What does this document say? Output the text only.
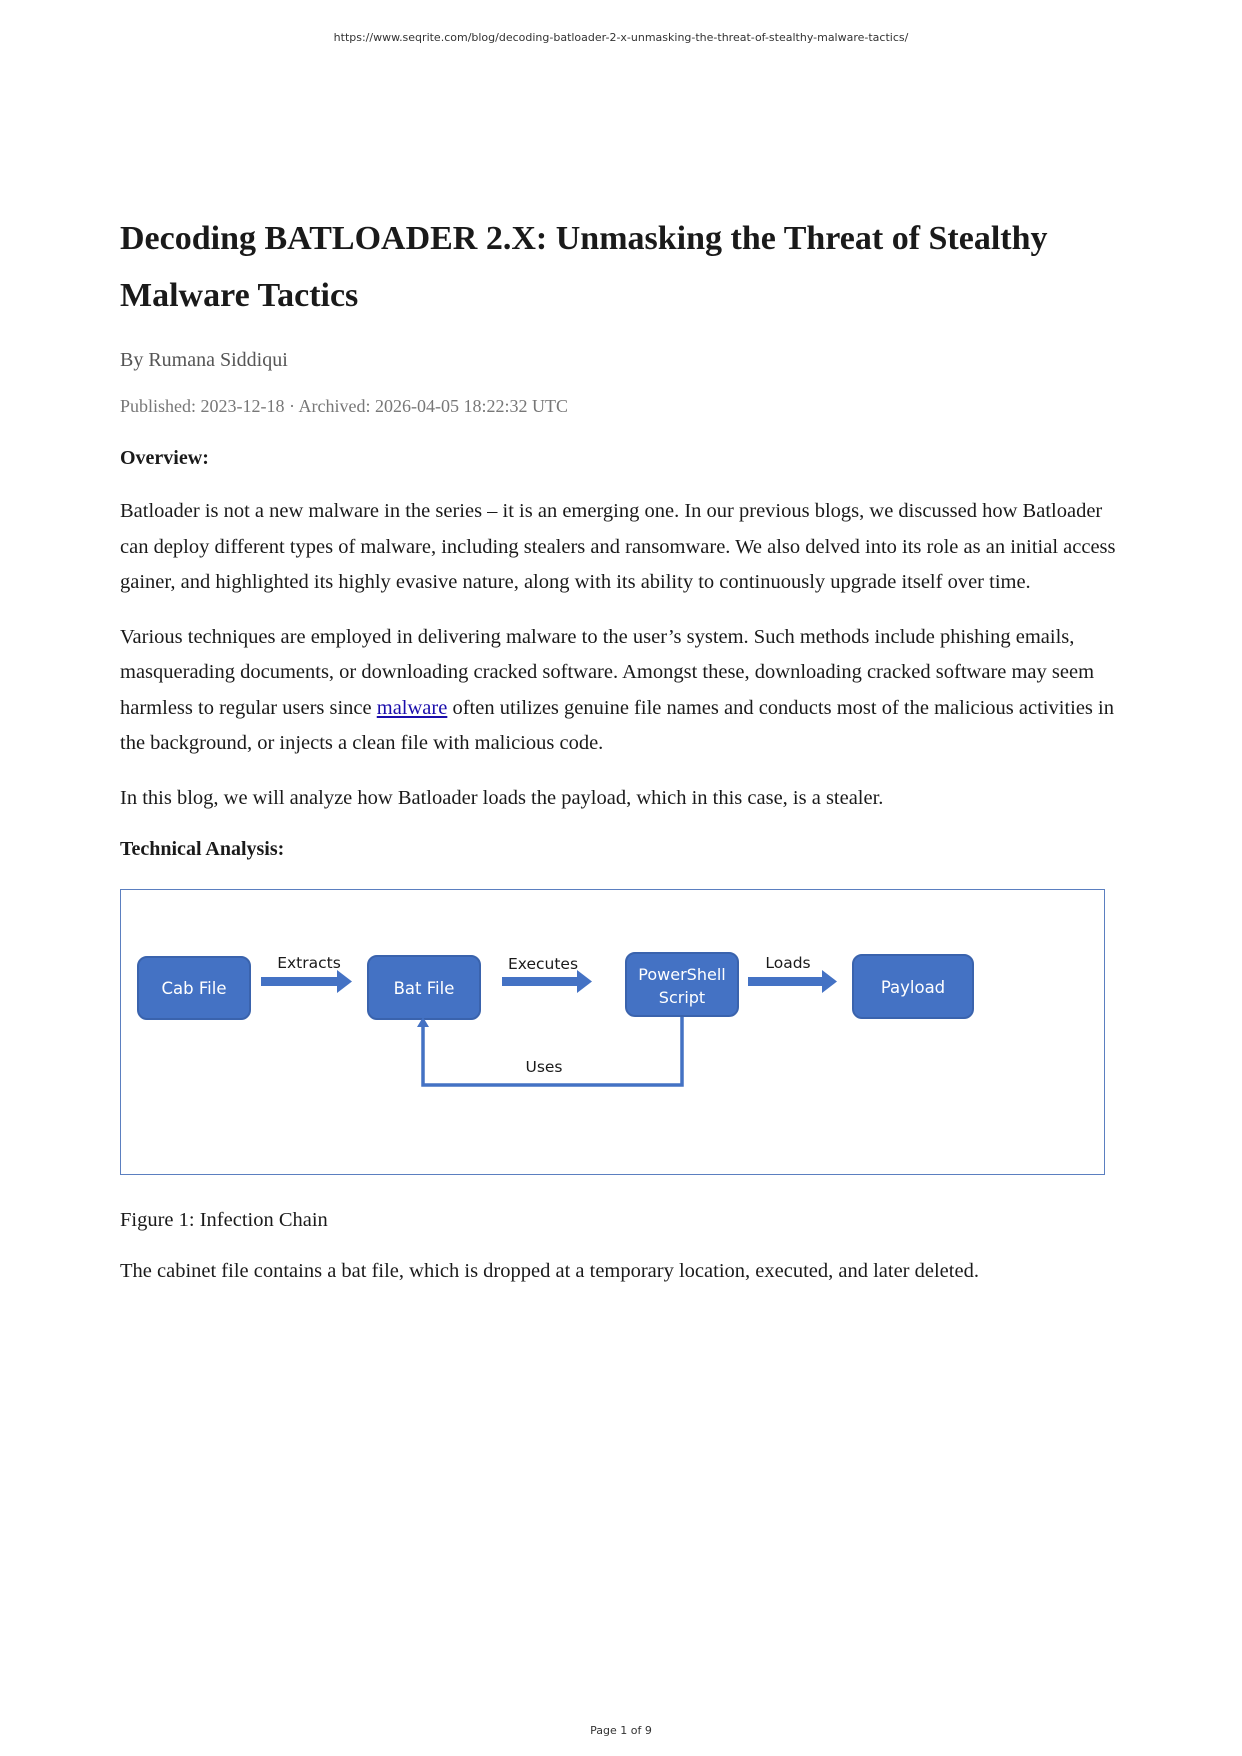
https://www.seqrite.com/blog/decoding-batloader-2-x-unmasking-the-threat-of-stealthy-malware-tactics/
Decoding BATLOADER 2.X: Unmasking the Threat of Stealthy Malware Tactics
By Rumana Siddiqui
Published: 2023-12-18 · Archived: 2026-04-05 18:22:32 UTC
Overview:

Batloader is not a new malware in the series – it is an emerging one. In our previous blogs, we discussed how Batloader can deploy different types of malware, including stealers and ransomware. We also delved into its role as an initial access gainer, and highlighted its highly evasive nature, along with its ability to continuously upgrade itself over time.

Various techniques are employed in delivering malware to the user’s system. Such methods include phishing emails, masquerading documents, or downloading cracked software. Amongst these, downloading cracked software may seem harmless to regular users since malware often utilizes genuine file names and conducts most of the malicious activities in the background, or injects a clean file with malicious code.

In this blog, we will analyze how Batloader loads the payload, which in this case, is a stealer.

Technical Analysis:
Cab File	Bat File
PowerShell
Script
Payload
Extracts	Executes	Loads
Uses
Figure 1: Infection Chain

The cabinet file contains a bat file, which is dropped at a temporary location, executed, and later deleted.

Page 1 of 9
